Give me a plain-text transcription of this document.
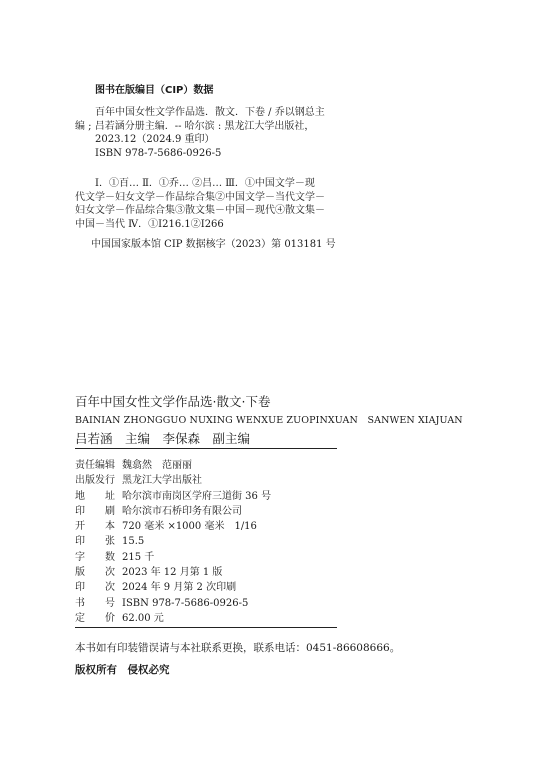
图书在版编目（CIP）数据
百年中国女性文学作品选．散文．下卷 / 乔以钢总主
编 ; 吕若涵分册主编．-- 哈尔滨 : 黑龙江大学出版社，
2023.12（2024.9 重印）
ISBN 978-7-5686-0926-5
Ⅰ．①百… Ⅱ．①乔… ②吕… Ⅲ．①中国文学－现
代文学－妇女文学－作品综合集②中国文学－当代文学－
妇女文学－作品综合集③散文集－中国－现代④散文集－
中国－当代 Ⅳ．①I216.1②I266
中国国家版本馆 CIP 数据核字（2023）第 013181 号
百年中国女性文学作品选·散文·下卷
BAINIAN ZHONGGUO NUXING WENXUE ZUOPINXUAN　SANWEN XIAJUAN
吕若涵　主编　李保森　副主编
责任编辑 魏翕然　范丽丽
出版发行 黑龙江大学出版社
地　　址 哈尔滨市南岗区学府三道街 36 号
印　　刷 哈尔滨市石桥印务有限公司
开　　本 720 毫米 ×1000 毫米　1/16
印　　张 15.5
字　　数 215 千
版　　次 2023 年 12 月第 1 版
印　　次 2024 年 9 月第 2 次印刷
书　　号 ISBN 978-7-5686-0926-5
定　　价 62.00 元
本书如有印装错误请与本社联系更换，联系电话：0451-86608666。
版权所有　侵权必究
